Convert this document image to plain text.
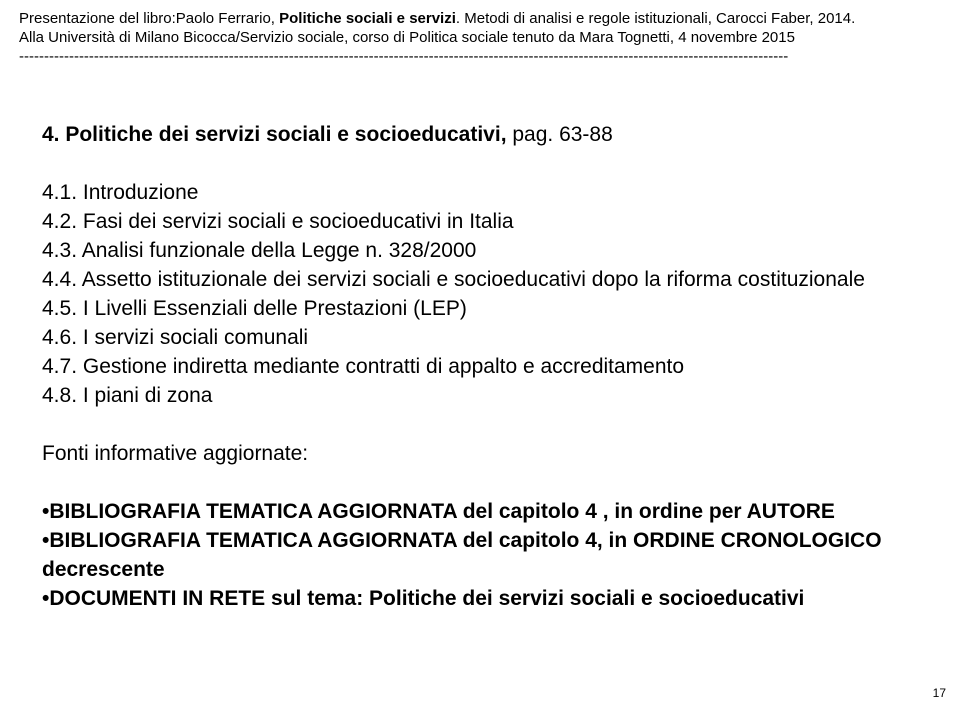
Presentazione del libro:Paolo Ferrario, Politiche sociali e servizi. Metodi di analisi e regole istituzionali, Carocci Faber, 2014.
Alla Università di Milano Bicocca/Servizio sociale, corso di Politica sociale tenuto da Mara Tognetti, 4 novembre 2015
----------------------------------------------------------------------------------------------------------------------------------------------------------

4. Politiche dei servizi sociali e socioeducativi, pag. 63-88

4.1. Introduzione

4.2. Fasi dei servizi sociali e socioeducativi in Italia

4.3. Analisi funzionale della Legge n. 328/2000

4.4. Assetto istituzionale dei servizi sociali e socioeducativi dopo la riforma costituzionale

4.5. I Livelli Essenziali delle Prestazioni (LEP)

4.6. I servizi sociali comunali

4.7. Gestione indiretta mediante contratti di appalto e accreditamento

4.8. I piani di zona

Fonti informative aggiornate:

•BIBLIOGRAFIA TEMATICA AGGIORNATA del capitolo 4 , in ordine per AUTORE

•BIBLIOGRAFIA TEMATICA AGGIORNATA del capitolo 4, in ORDINE CRONOLOGICO decrescente

•DOCUMENTI IN RETE sul tema: Politiche dei servizi sociali e socioeducativi

17
